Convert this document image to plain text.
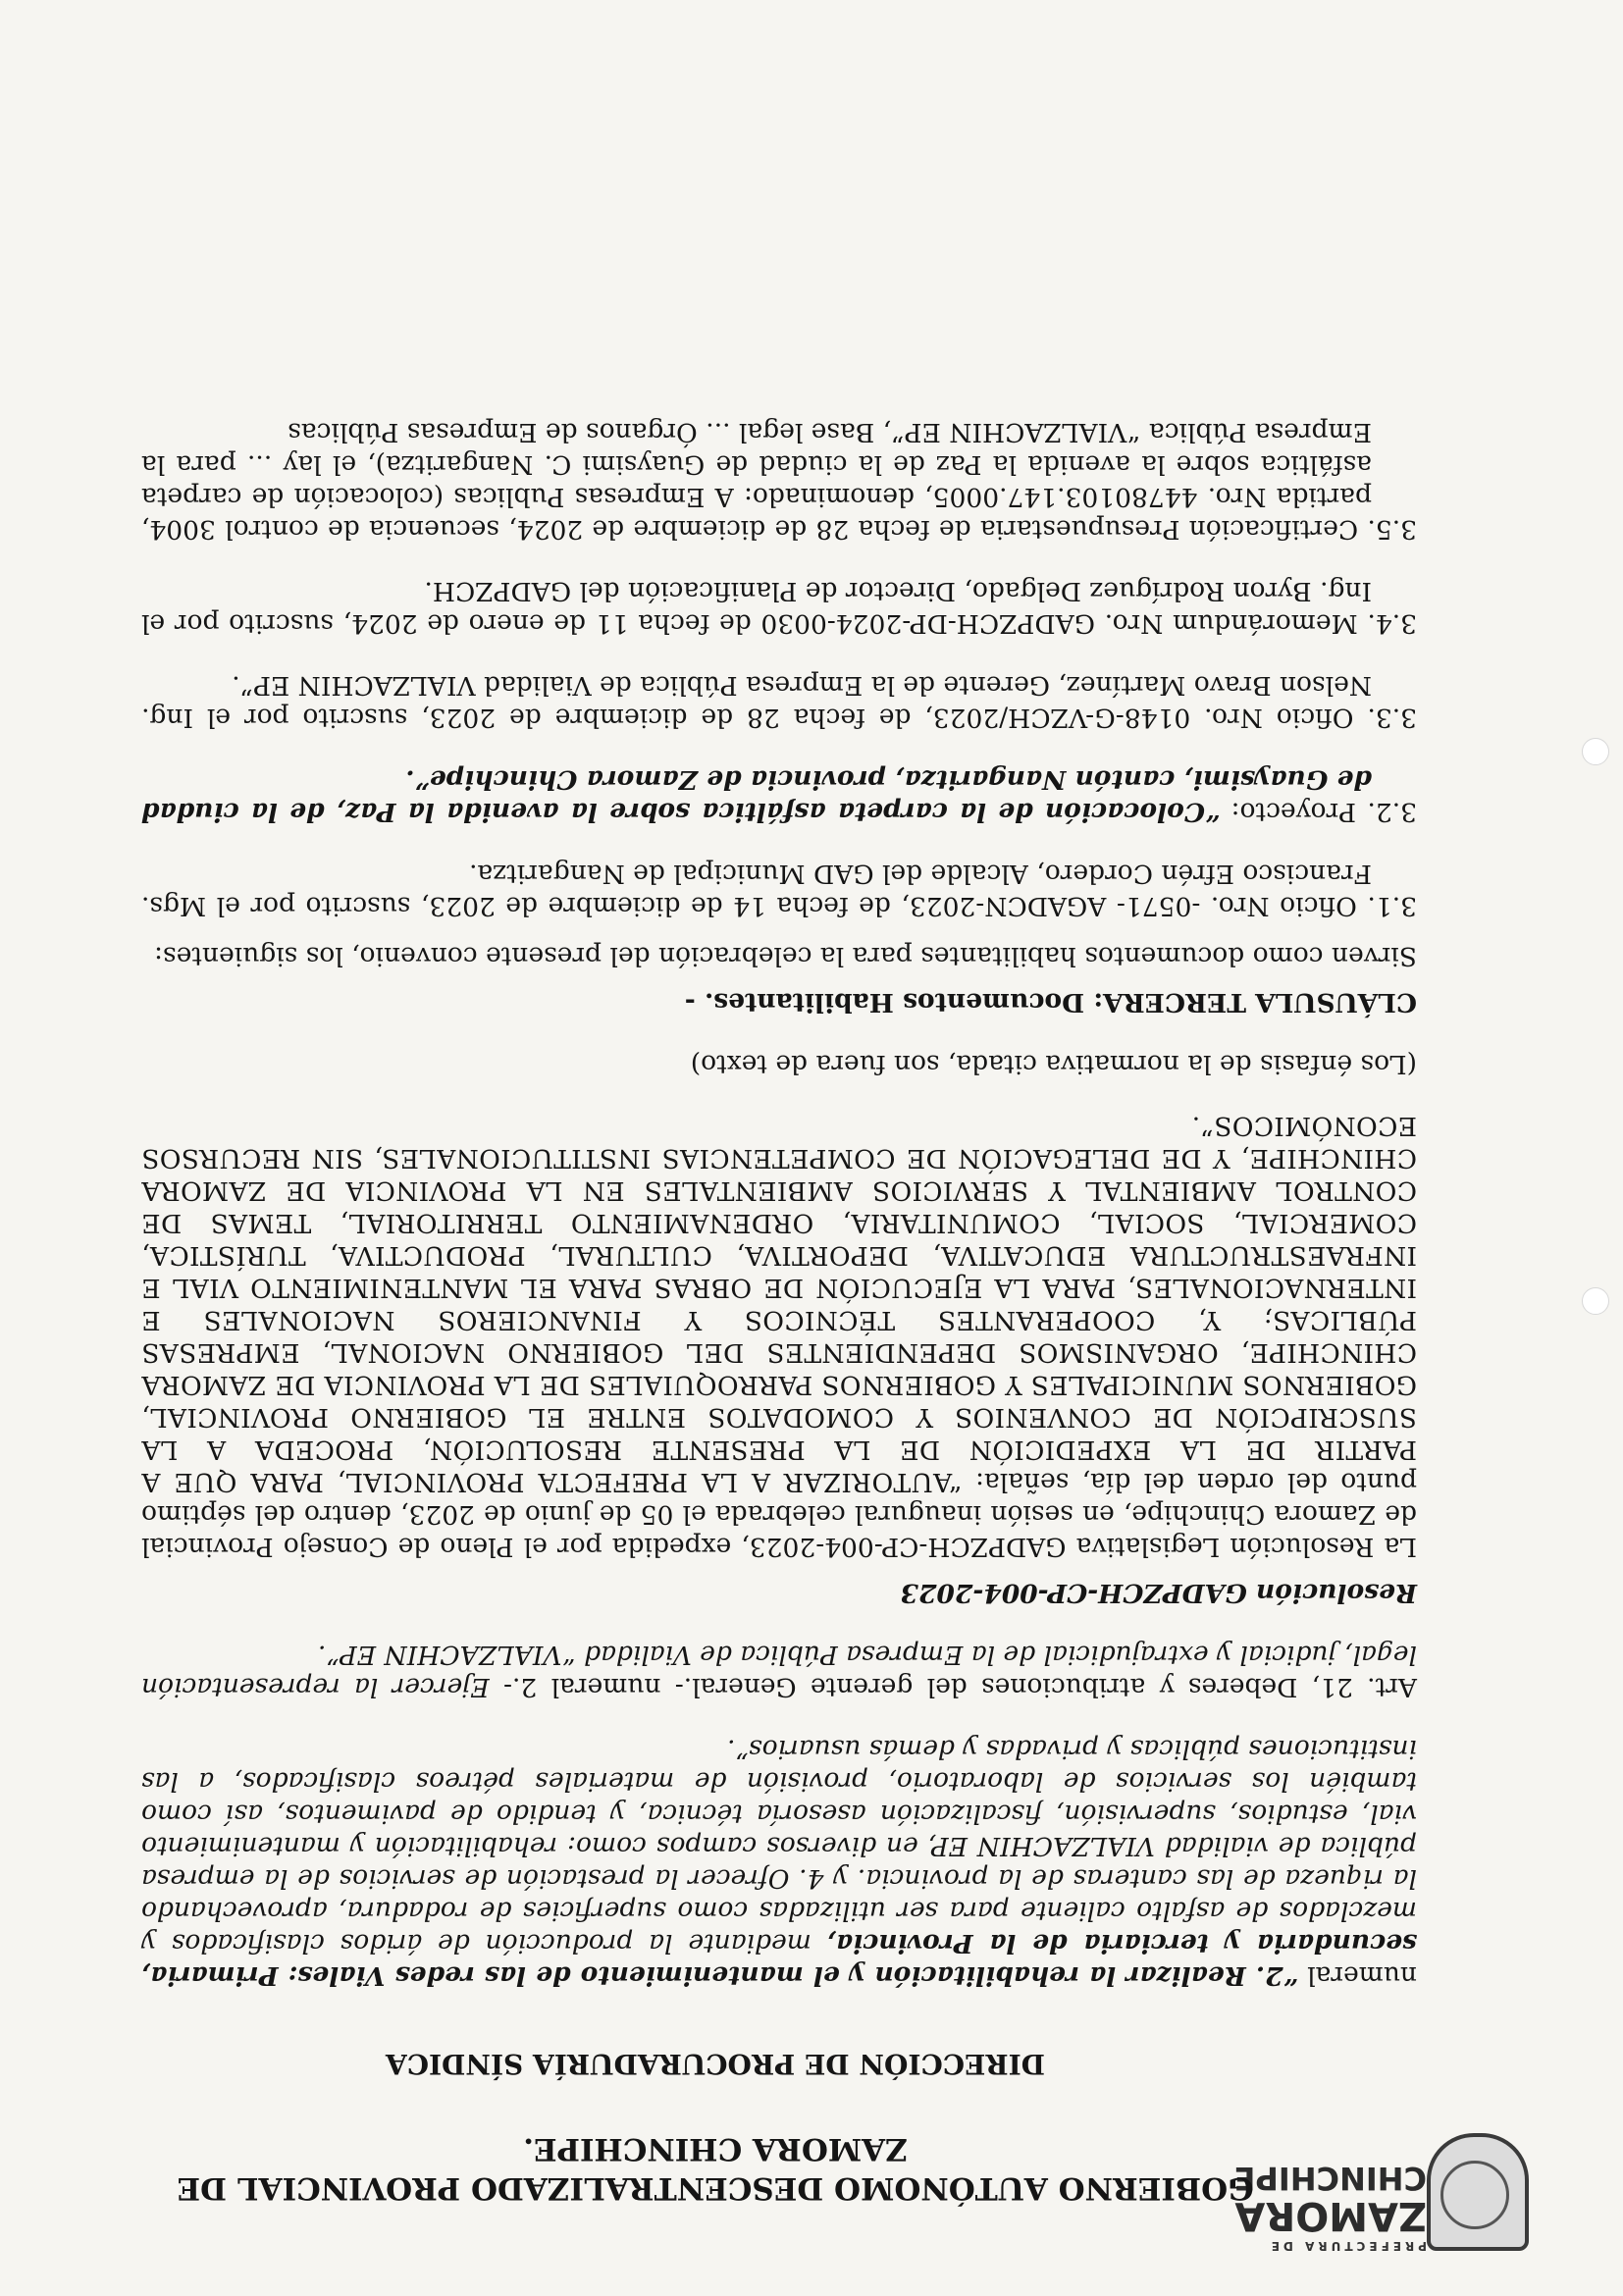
PREFECTURA DE
ZAMORA
CHINCHIPE
GOBIERNO AUTÓNOMO DESCENTRALIZADO PROVINCIAL DE ZAMORA CHINCHIPE.
DIRECCIÓN DE PROCURADURÍA SÍNDICA

numeral “2. Realizar la rehabilitación y el mantenimiento de las redes Viales: Primaria, secundaria y terciaria de la Provincia, mediante la producción de áridos clasificados y mezclados de asfalto caliente para ser utilizadas como superficies de rodadura, aprovechando la riqueza de las canteras de la provincia. y 4. Ofrecer la prestación de servicios de la empresa pública de vialidad VIALZACHIN EP, en diversos campos como: rehabilitación y mantenimiento vial, estudios, supervisión, fiscalización asesoría técnica, y tendido de pavimentos, así como también los servicios de laboratorio, provisión de materiales pétreos clasificados, a las instituciones públicas y privadas y demás usuarios”.

Art. 21, Deberes y atribuciones del gerente General.- numeral 2.- Ejercer la representación legal, judicial y extrajudicial de la Empresa Pública de Vialidad “VIALZACHIN EP”.

Resolución GADPZCH-CP-004-2023

La Resolución Legislativa GADPZCH-CP-004-2023, expedida por el Pleno de Consejo Provincial de Zamora Chinchipe, en sesión inaugural celebrada el 05 de junio de 2023, dentro del séptimo punto del orden del día, señala: “AUTORIZAR A LA PREFECTA PROVINCIAL, PARA QUE A PARTIR DE LA EXPEDICIÓN DE LA PRESENTE RESOLUCIÓN, PROCEDA A LA SUSCRIPCIÓN DE CONVENIOS Y COMODATOS ENTRE EL GOBIERNO PROVINCIAL, GOBIERNOS MUNICIPALES Y GOBIERNOS PARROQUIALES DE LA PROVINCIA DE ZAMORA CHINCHIPE, ORGANISMOS DEPENDIENTES DEL GOBIERNO NACIONAL, EMPRESAS PÚBLICAS; Y, COOPERANTES TÉCNICOS Y FINANCIEROS NACIONALES E INTERNACIONALES, PARA LA EJECUCIÓN DE OBRAS PARA EL MANTENIMIENTO VIAL E INFRAESTRUCTURA EDUCATIVA, DEPORTIVA, CULTURAL, PRODUCTIVA, TURÍSTICA, COMERCIAL, SOCIAL, COMUNITARIA, ORDENAMIENTO TERRITORIAL, TEMAS DE CONTROL AMBIENTAL Y SERVICIOS AMBIENTALES EN LA PROVINCIA DE ZAMORA CHINCHIPE, Y DE DELEGACIÓN DE COMPETENCIAS INSTITUCIONALES, SIN RECURSOS ECONÓMICOS”.

(Los énfasis de la normativa citada, son fuera de texto)

CLÁUSULA TERCERA: Documentos Habilitantes. -

Sirven como documentos habilitantes para la celebración del presente convenio, los siguientes:

3.1. Oficio Nro. -0571- AGADCN-2023, de fecha 14 de diciembre de 2023, suscrito por el Mgs. Francisco Efrén Cordero, Alcalde del GAD Municipal de Nangaritza.

3.2. Proyecto: “Colocación de la carpeta asfáltica sobre la avenida la Paz, de la ciudad de Guaysimi, cantón Nangaritza, provincia de Zamora Chinchipe”.

3.3. Oficio Nro. 0148-G-VZCH/2023, de fecha 28 de diciembre de 2023, suscrito por el Ing. Nelson Bravo Martínez, Gerente de la Empresa Pública de Vialidad VIALZACHIN EP”.

3.4. Memorándum Nro. GADPZCH-DP-2024-0030 de fecha 11 de enero de 2024, suscrito por el Ing. Byron Rodríguez Delgado, Director de Planificación del GADPZCH.

3.5. Certificación Presupuestaria de fecha 28 de diciembre de 2024, secuencia de control 3004, partida Nro. 447801​03.147.0005, denominado: A Empresas Publicas (colocación de carpeta asfáltica sobre la avenida la Paz de la ciudad de Guaysimi C. Nangaritza), el lay ... para la Empresa Pública “VIALZACHIN EP”, Base legal ... Órganos de Empresas Públicas
